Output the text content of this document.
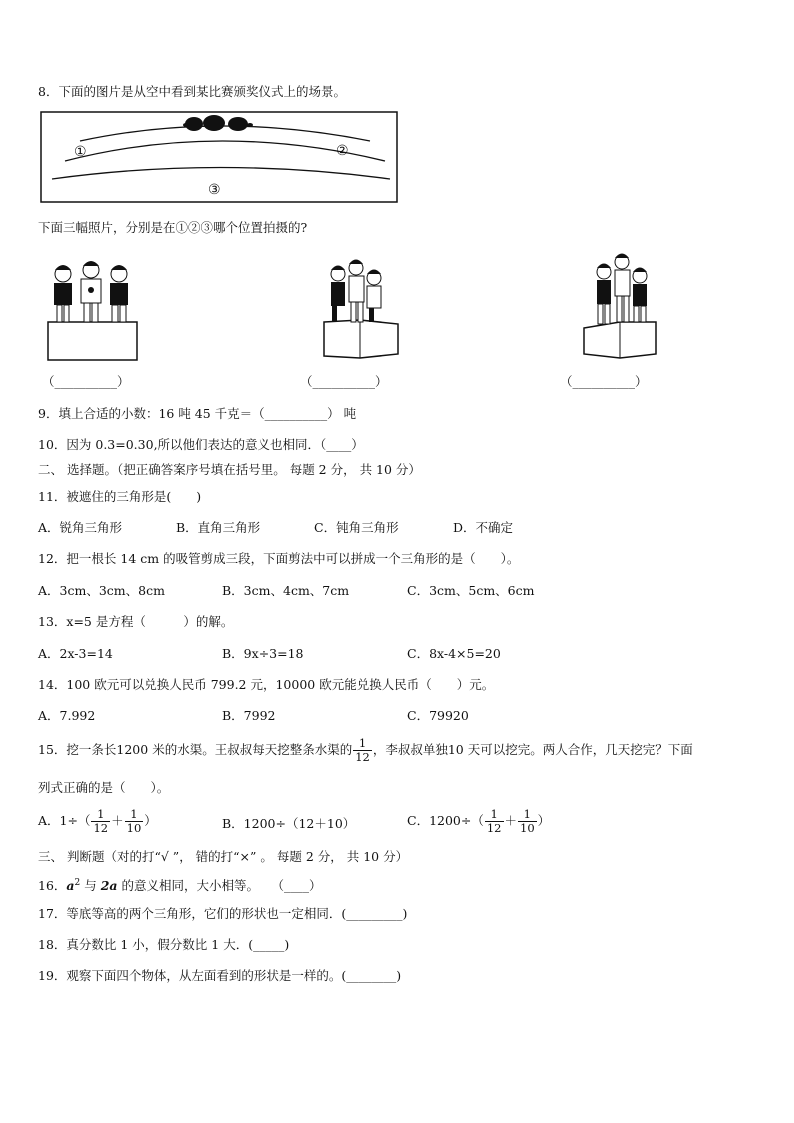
8．下面的图片是从空中看到某比赛颁奖仪式上的场景。
①	②
③
下面三幅照片，分别是在①②③哪个位置拍摄的?
（__________）	（__________）	（__________）
9．填上合适的小数：16 吨 45 千克＝（__________） 吨
10．因为 0.3=0.30,所以他们表达的意义也相同．（____）
二、 选择题。（把正确答案序号填在括号里。 每题 2 分， 共 10 分）
11．被遮住的三角形是(　　)
A．锐角三角形	B．直角三角形	C．钝角三角形	D．不确定
12．把一根长 14 cm 的吸管剪成三段，下面剪法中可以拼成一个三角形的是（　　）。
A．3cm、3cm、8cm	B．3cm、4cm、7cm	C．3cm、5cm、6cm
13．x=5 是方程（　　　）的解。
A．2x-3=14	B．9x÷3=18	C．8x-4×5=20
14．100 欧元可以兑换人民币 799.2 元，10000 欧元能兑换人民币（　　）元。
A．7.992	B．7992	C．79920
15．挖一条长1200 米的水渠。王叔叔每天挖整条水渠的 $\frac{1}{12}$ ，李叔叔单独10 天可以挖完。两人合作，几天挖完？下面
列式正确的是（　　）。
A．$1\div( \frac{1}{12} + \frac{1}{10}$ ）	B．1200÷（12＋10）	C．$1200\div( \frac{1}{12} + \frac{1}{10}$ ）
三、 判断题（对的打“√ ”， 错的打“×” 。 每题 2 分， 共 10 分）
16．$a^2$ 与 2a 的意义相同，大小相等。　　（____）
17．等底等高的两个三角形，它们的形状也一定相同．(_________)
18．真分数比 1 小，假分数比 1 大．(_____)
19．观察下面四个物体，从左面看到的形状是一样的。(________)
